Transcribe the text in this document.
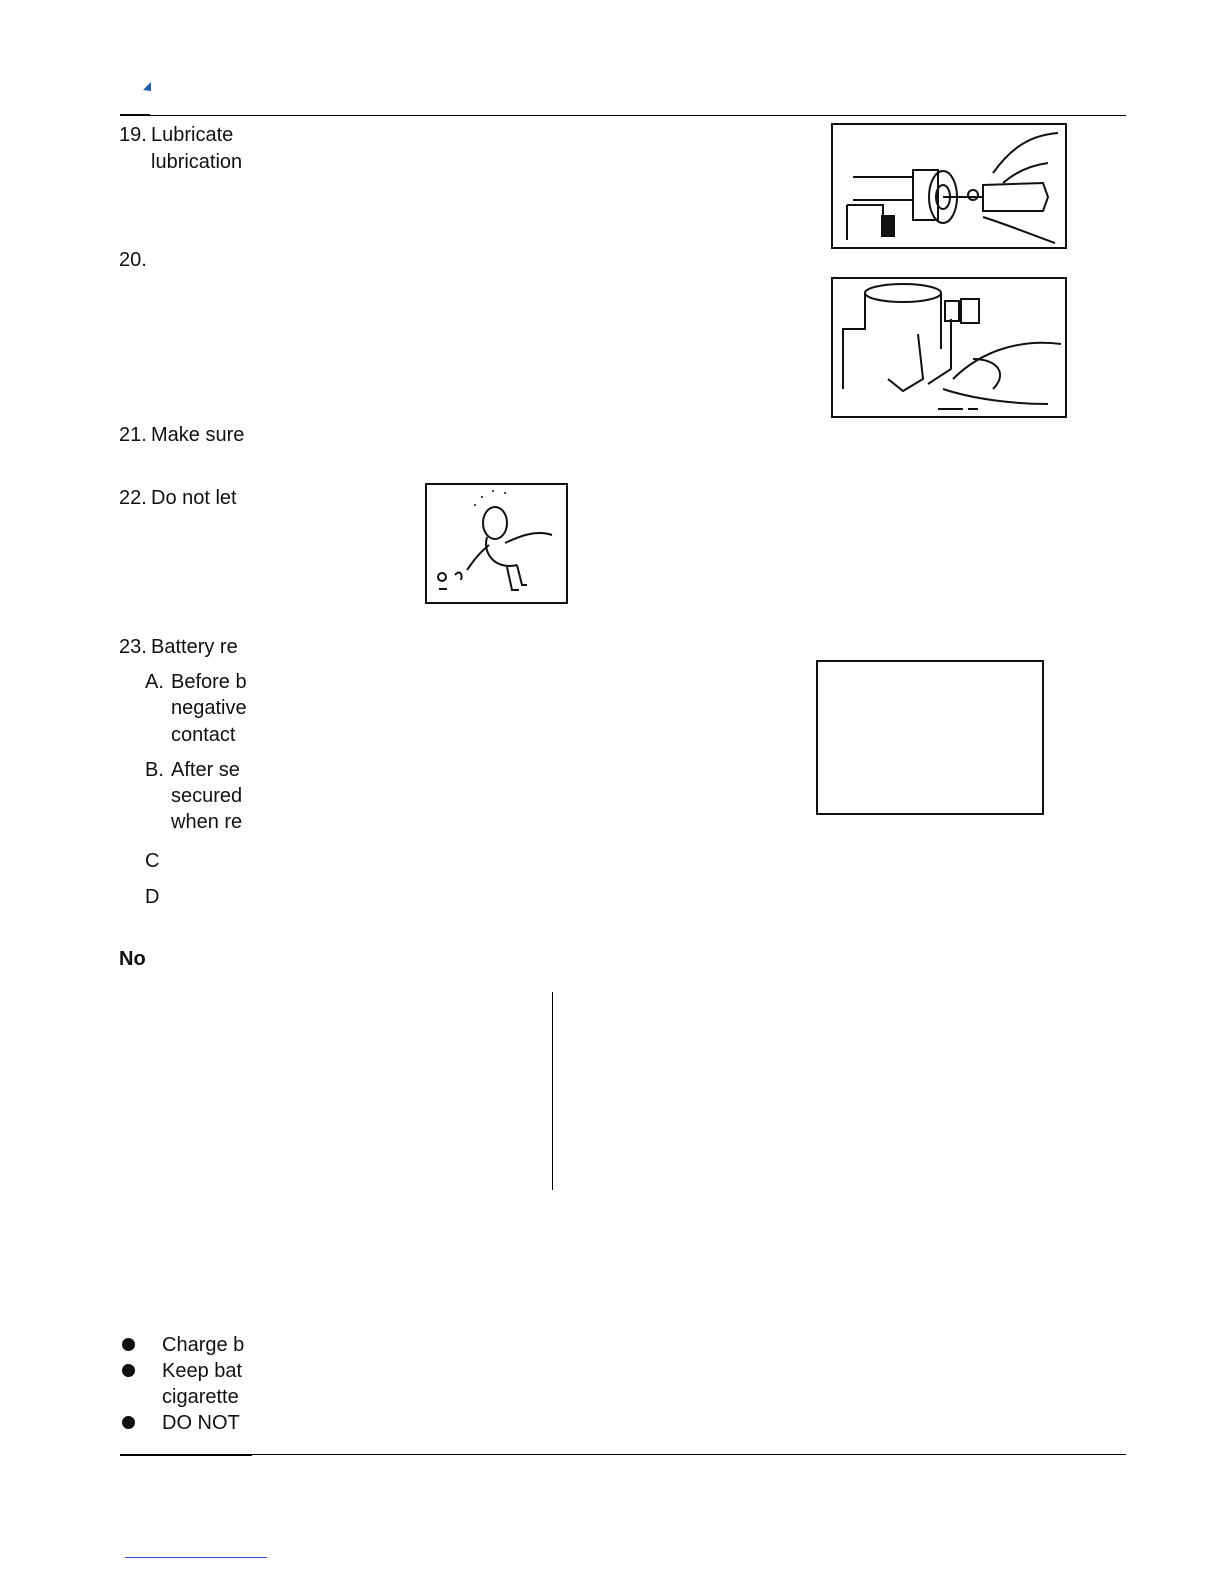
19. Lubricate
lubrication
20.
21. Make sure
22. Do not let
23. Battery re
A. Before b
negative
contact
B. After se
secured
when re
C
D
No
Charge b
Keep bat
cigarette
DO NOT
